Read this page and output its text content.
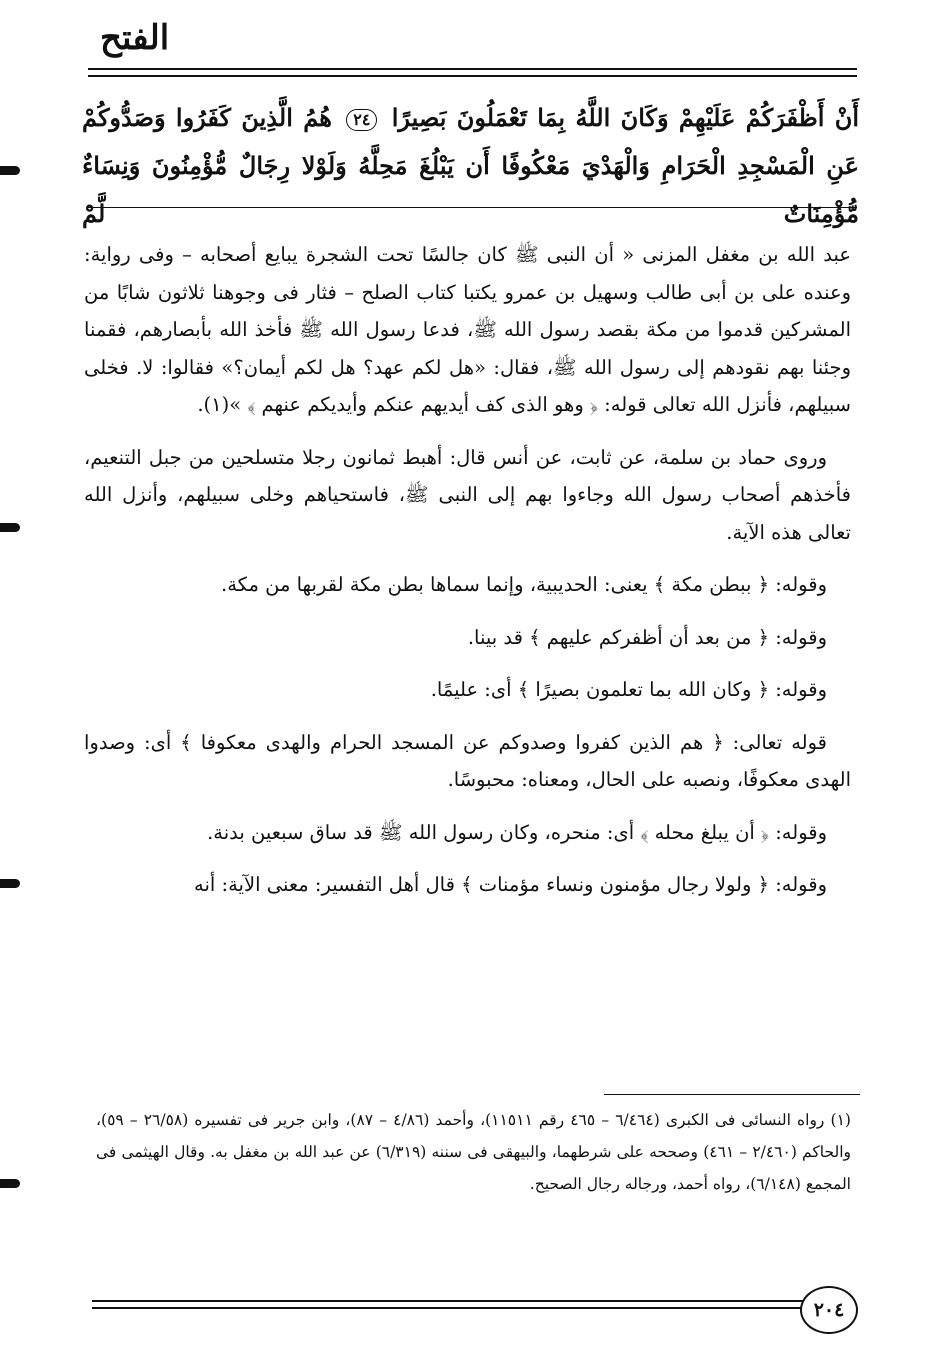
الفتح
أَنْ أَظْفَرَكُمْ عَلَيْهِمْ وَكَانَ اللَّهُ بِمَا تَعْمَلُونَ بَصِيرًا ٢٤ هُمُ الَّذِينَ كَفَرُوا وَصَدُّوكُمْ عَنِ الْمَسْجِدِ الْحَرَامِ وَالْهَدْيَ مَعْكُوفًا أَن يَبْلُغَ مَحِلَّهُ وَلَوْلا رِجَالٌ مُّؤْمِنُونَ وَنِسَاءٌ مُّؤْمِنَاتٌ لَّمْ

عبد الله بن مغفل المزنى « أن النبى ﷺ كان جالسًا تحت الشجرة يبايع أصحابه – وفى رواية: وعنده على بن أبى طالب وسهيل بن عمرو يكتبا كتاب الصلح – فثار فى وجوهنا ثلاثون شابًا من المشركين قدموا من مكة بقصد رسول الله ﷺ، فدعا رسول الله ﷺ فأخذ الله بأبصارهم، فقمنا وجئنا بهم نقودهم إلى رسول الله ﷺ، فقال: «هل لكم عهد؟ هل لكم أيمان؟» فقالوا: لا. فخلى سبيلهم، فأنزل الله تعالى قوله: ﴿ وهو الذى كف أيديهم عنكم وأيديكم عنهم ﴾ »(١).

وروى حماد بن سلمة، عن ثابت، عن أنس قال: أهبط ثمانون رجلا متسلحين من جبل التنعيم، فأخذهم أصحاب رسول الله وجاءوا بهم إلى النبى ﷺ، فاستحياهم وخلى سبيلهم، وأنزل الله تعالى هذه الآية.

وقوله: ﴿ ببطن مكة ﴾ يعنى: الحديبية، وإنما سماها بطن مكة لقربها من مكة.

وقوله: ﴿ من بعد أن أظفركم عليهم ﴾ قد بينا.

وقوله: ﴿ وكان الله بما تعلمون بصيرًا ﴾ أى: عليمًا.

قوله تعالى: ﴿ هم الذين كفروا وصدوكم عن المسجد الحرام والهدى معكوفا ﴾ أى: وصدوا الهدى معكوفًا، ونصبه على الحال، ومعناه: محبوسًا.

وقوله: ﴿ أن يبلغ محله ﴾ أى: منحره، وكان رسول الله ﷺ قد ساق سبعين بدنة.

وقوله: ﴿ ولولا رجال مؤمنون ونساء مؤمنات ﴾ قال أهل التفسير: معنى الآية: أنه

(١) رواه النسائى فى الكبرى (٦/٤٦٤ – ٤٦٥ رقم ١١٥١١)، وأحمد (٤/٨٦ – ٨٧)، وابن جرير فى تفسيره (٢٦/٥٨ – ٥٩)، والحاكم (٢/٤٦٠ – ٤٦١) وصححه على شرطهما، والبيهقى فى سننه (٦/٣١٩) عن عبد الله بن مغفل به. وقال الهيثمى فى المجمع (٦/١٤٨)، رواه أحمد، ورجاله رجال الصحيح.
٢٠٤
